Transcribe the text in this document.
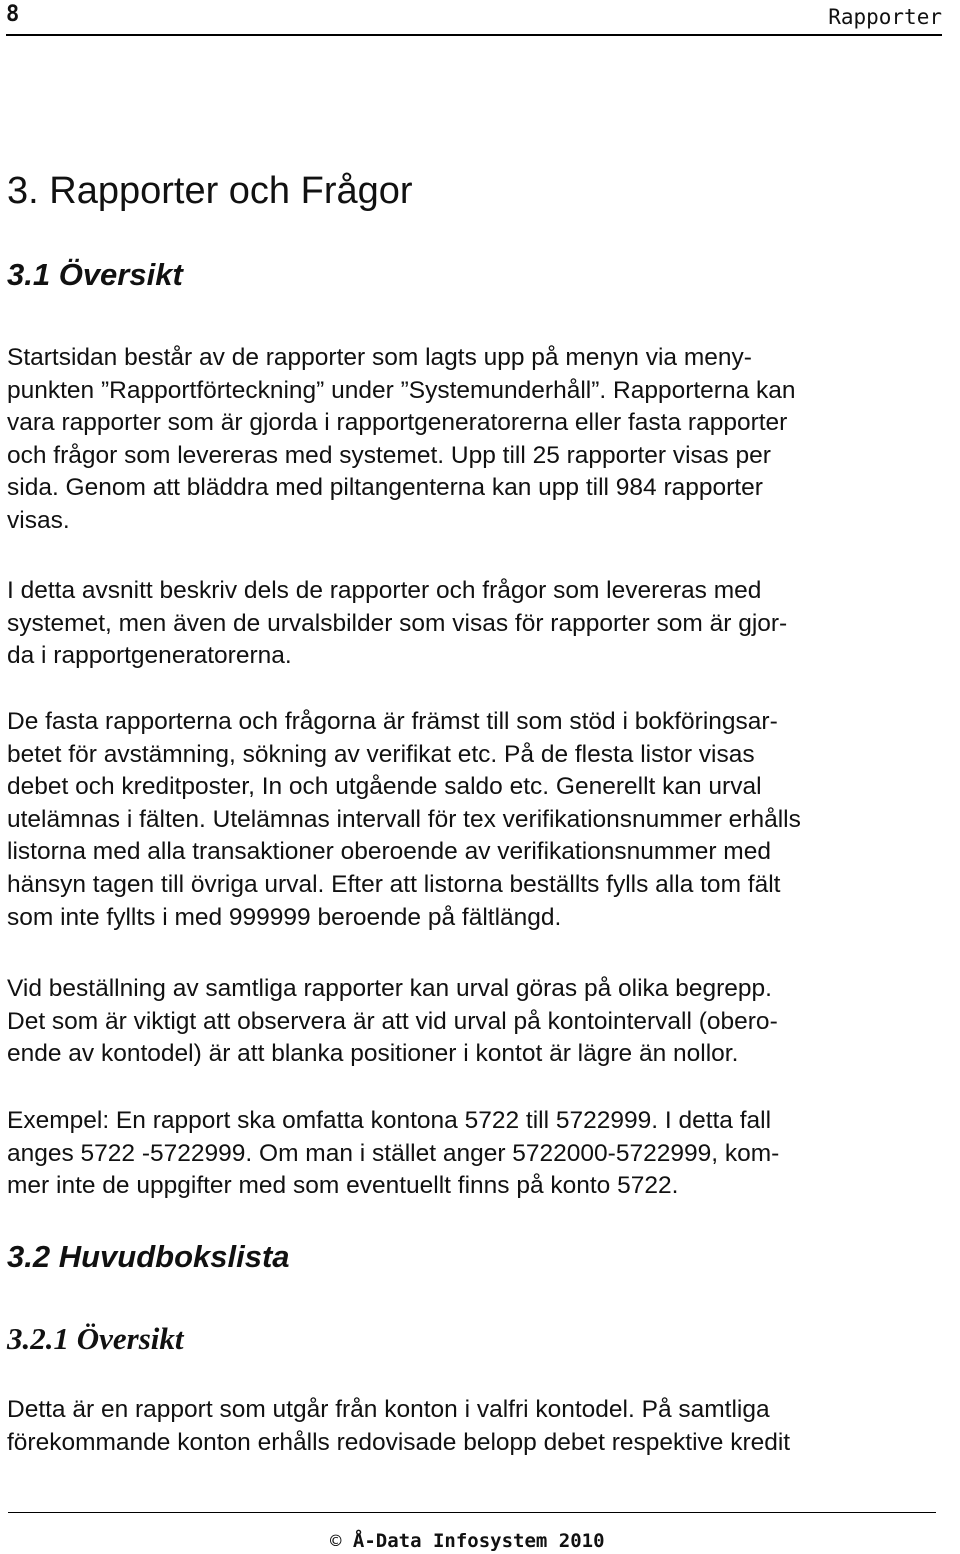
8	Rapporter
3. Rapporter och Frågor
3.1 Översikt

Startsidan består av de rapporter som lagts upp på menyn via meny-
punkten ”Rapportförteckning” under ”Systemunderhåll”. Rapporterna kan
vara rapporter som är gjorda i rapportgeneratorerna eller fasta rapporter
och frågor som levereras med systemet. Upp till 25 rapporter visas per
sida. Genom att bläddra med piltangenterna kan upp till 984 rapporter
visas.

I detta avsnitt beskriv dels de rapporter och frågor som levereras med
systemet, men även de urvalsbilder som visas för rapporter som är gjor-
da i rapportgeneratorerna.

De fasta rapporterna och frågorna är främst till som stöd i bokföringsar-
betet för avstämning, sökning av verifikat etc. På de flesta listor visas
debet och kreditposter, In och utgående saldo etc. Generellt kan urval
utelämnas i fälten. Utelämnas intervall för tex verifikationsnummer erhålls
listorna med alla transaktioner oberoende av verifikationsnummer med
hänsyn tagen till övriga urval. Efter att listorna beställts fylls alla tom fält
som inte fyllts i med 999999 beroende på fältlängd.

Vid beställning av samtliga rapporter kan urval göras på olika begrepp.
Det som är viktigt att observera är att vid urval på kontointervall (obero-
ende av kontodel) är att blanka positioner i kontot är lägre än nollor.

Exempel: En rapport ska omfatta kontona 5722 till 5722999. I detta fall
anges 5722 -5722999. Om man i stället anger 5722000-5722999, kom-
mer inte de uppgifter med som eventuellt finns på konto 5722.

3.2 Huvudbokslista
3.2.1 Översikt

Detta är en rapport som utgår från konton i valfri kontodel. På samtliga
förekommande konton erhålls redovisade belopp debet respektive kredit

© Å-Data Infosystem 2010
